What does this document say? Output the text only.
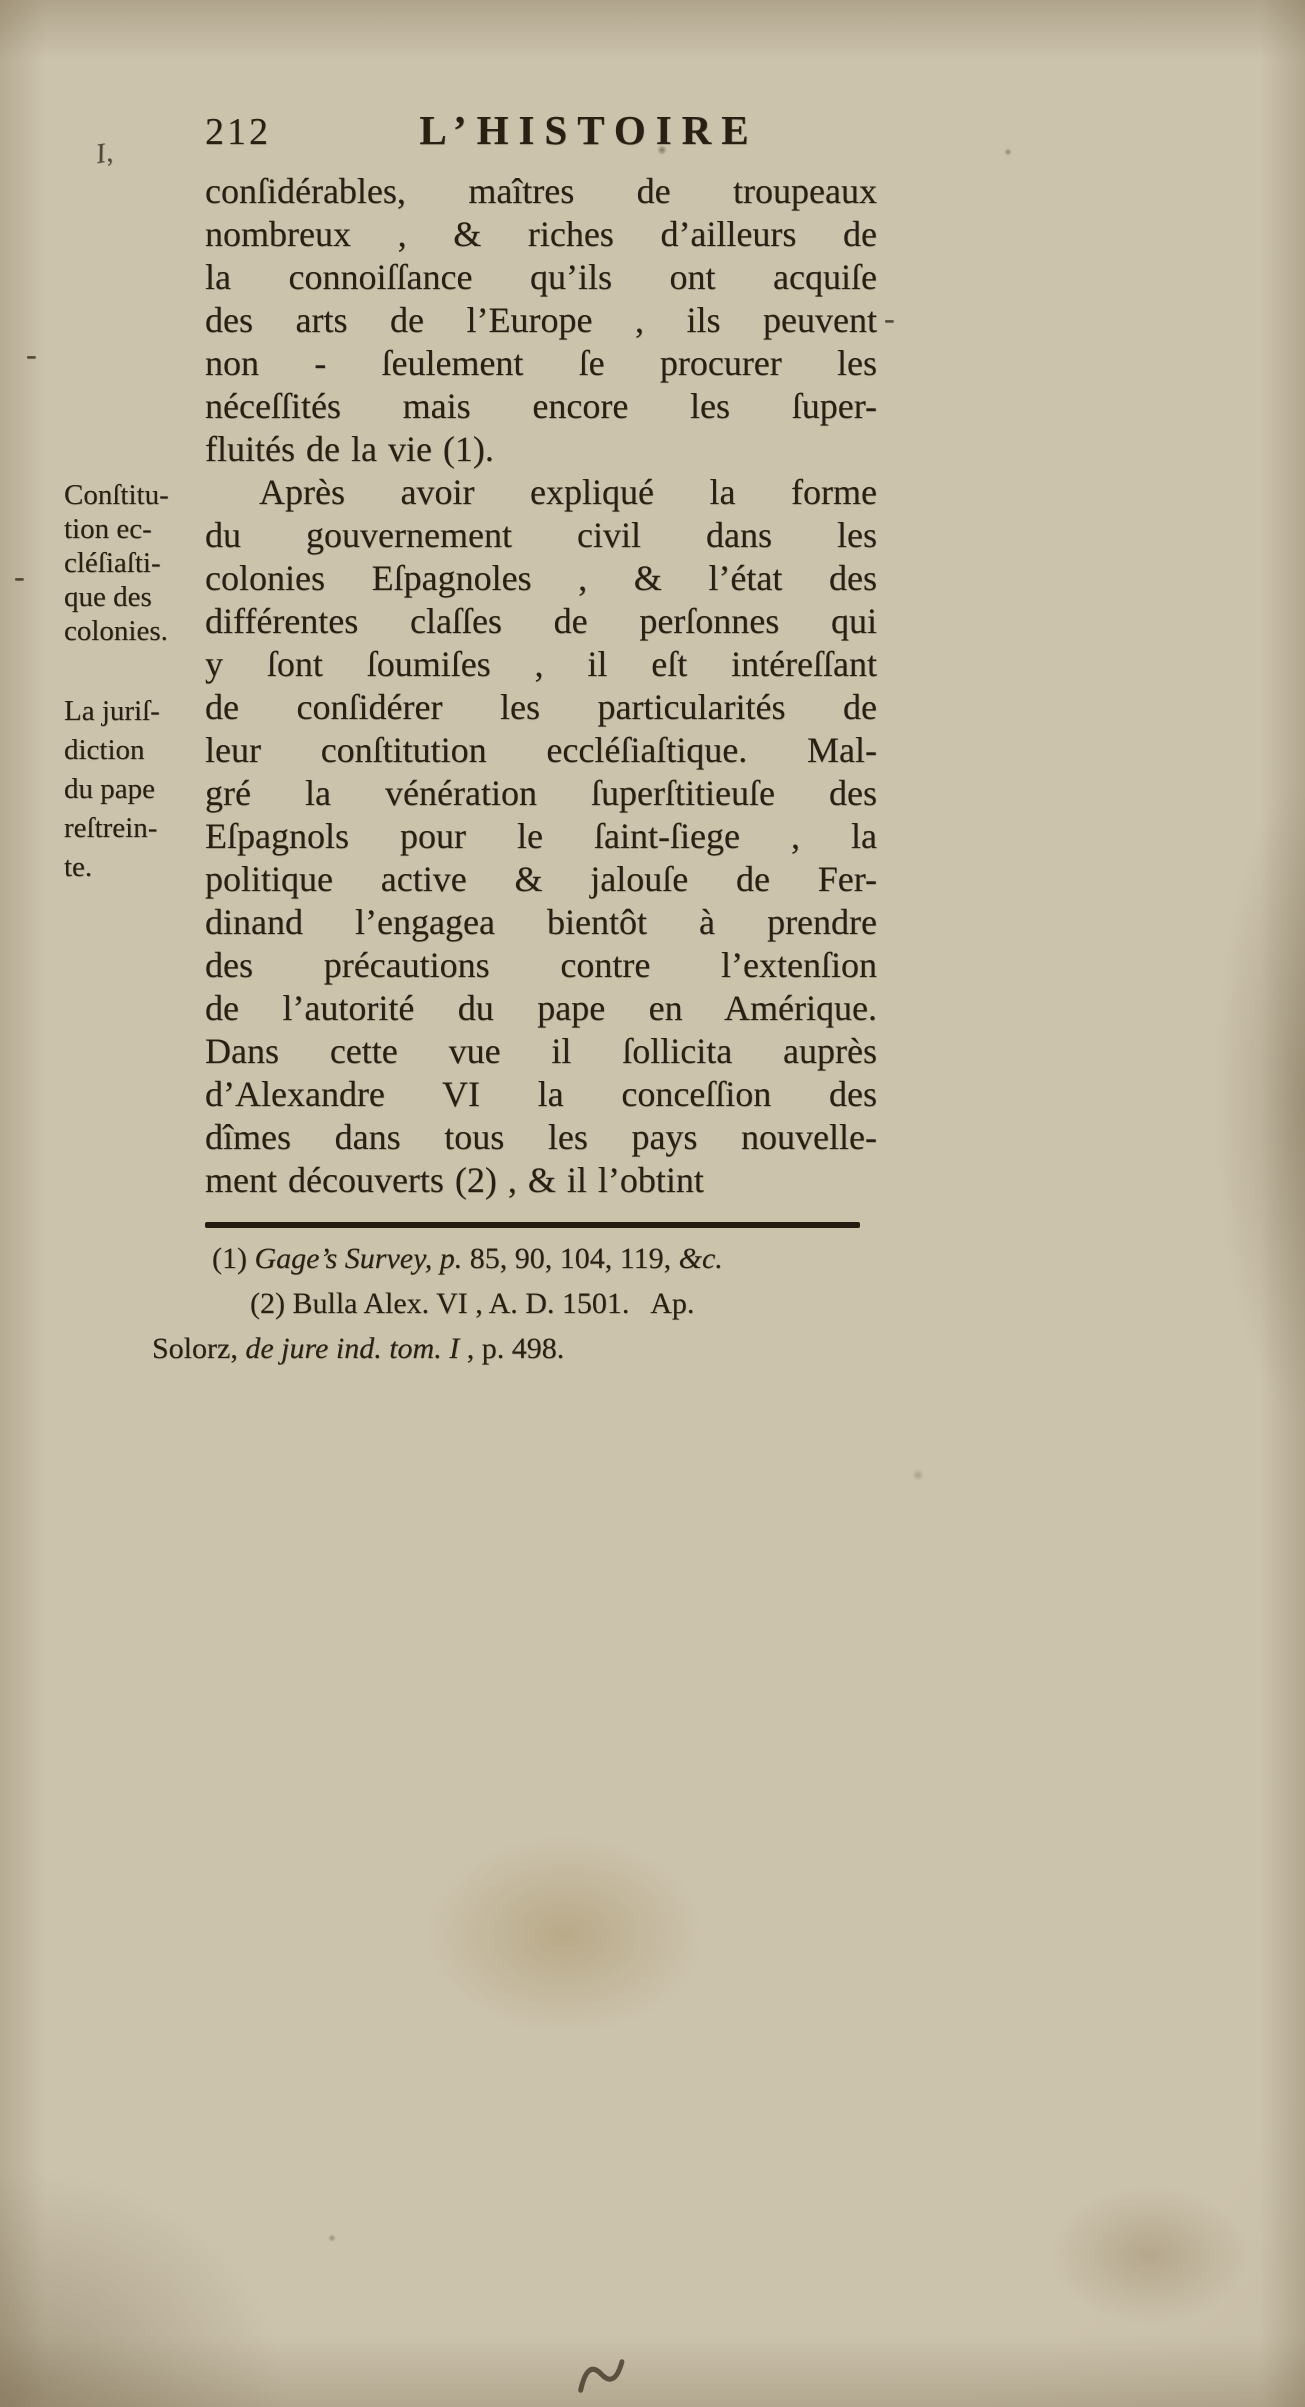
212	L’HISTOIRE
I,
-
-
-
Conſtitu-
tion ec-
cléſiaſti-
que des
colonies.
La juriſ-
diction
du pape
reſtrein-
te.
conſidérables, maîtres de troupeaux
nombreux , & riches d’ailleurs de
la connoiſſance qu’ils ont acquiſe
des arts de l’Europe , ils peuvent
non - ſeulement ſe procurer les
néceſſités mais encore les ſuper-
fluités de la vie (1).
Après avoir expliqué la forme
du gouvernement civil dans les
colonies Eſpagnoles , & l’état des
différentes claſſes de perſonnes qui
y ſont ſoumiſes , il eſt intéreſſant
de conſidérer les particularités de
leur conſtitution eccléſiaſtique. Mal-
gré la vénération ſuperſtitieuſe des
Eſpagnols pour le ſaint-ſiege , la
politique active & jalouſe de Fer-
dinand l’engagea bientôt à prendre
des précautions contre l’extenſion
de l’autorité du pape en Amérique.
Dans cette vue il ſollicita auprès
d’Alexandre VI la conceſſion des
dîmes dans tous les pays nouvelle-
ment découverts (2) , & il l’obtint

(1) Gage’s Survey, p. 85, 90, 104, 119, &c.

(2) Bulla Alex. VI , A. D. 1501.   Ap.

Solorz, de jure ind. tom. I , p. 498.
